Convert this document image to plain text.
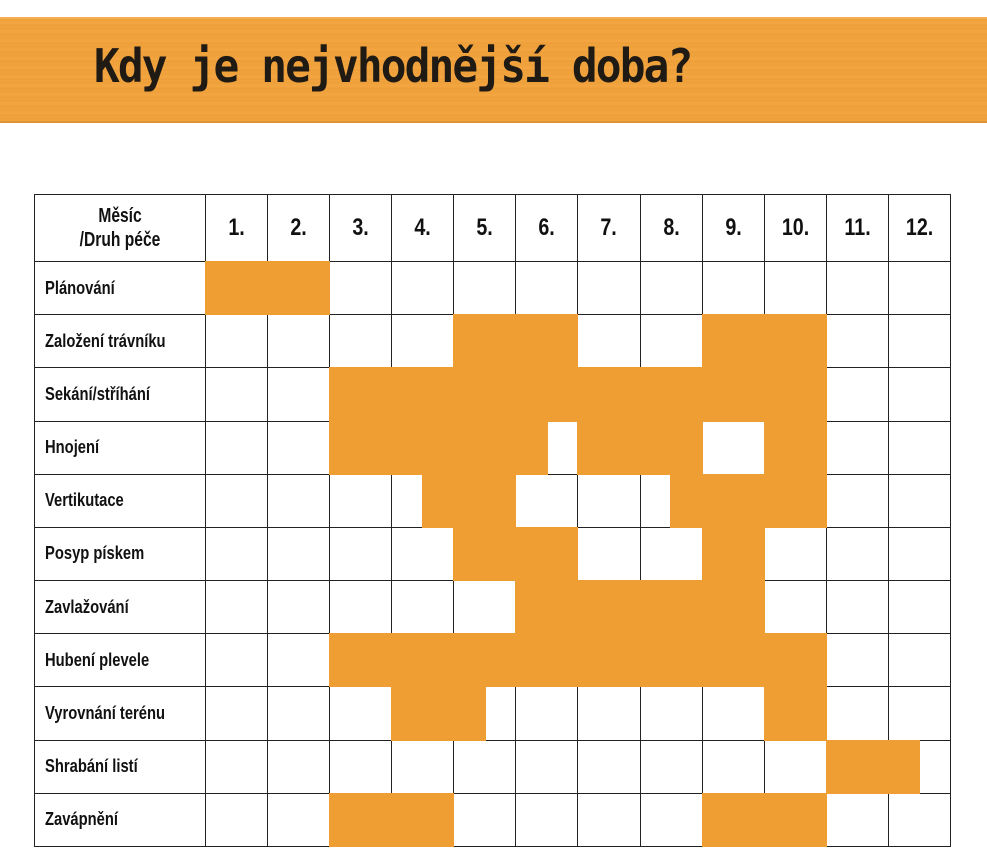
Kdy je nejvhodnější doba?
Měsíc
/Druh péče	1.	2.	3.	4.	5.	6.	7.	8.	9.	10.	11.	12.

Plánování	

Založení trávníku					

Sekání/stříhání			

Hnojení			

Vertikutace				

Posyp pískem					

Zavlažování						

Hubení plevele			

Vyrovnání terénu				

Shrabání listí											

Zavápnění			
